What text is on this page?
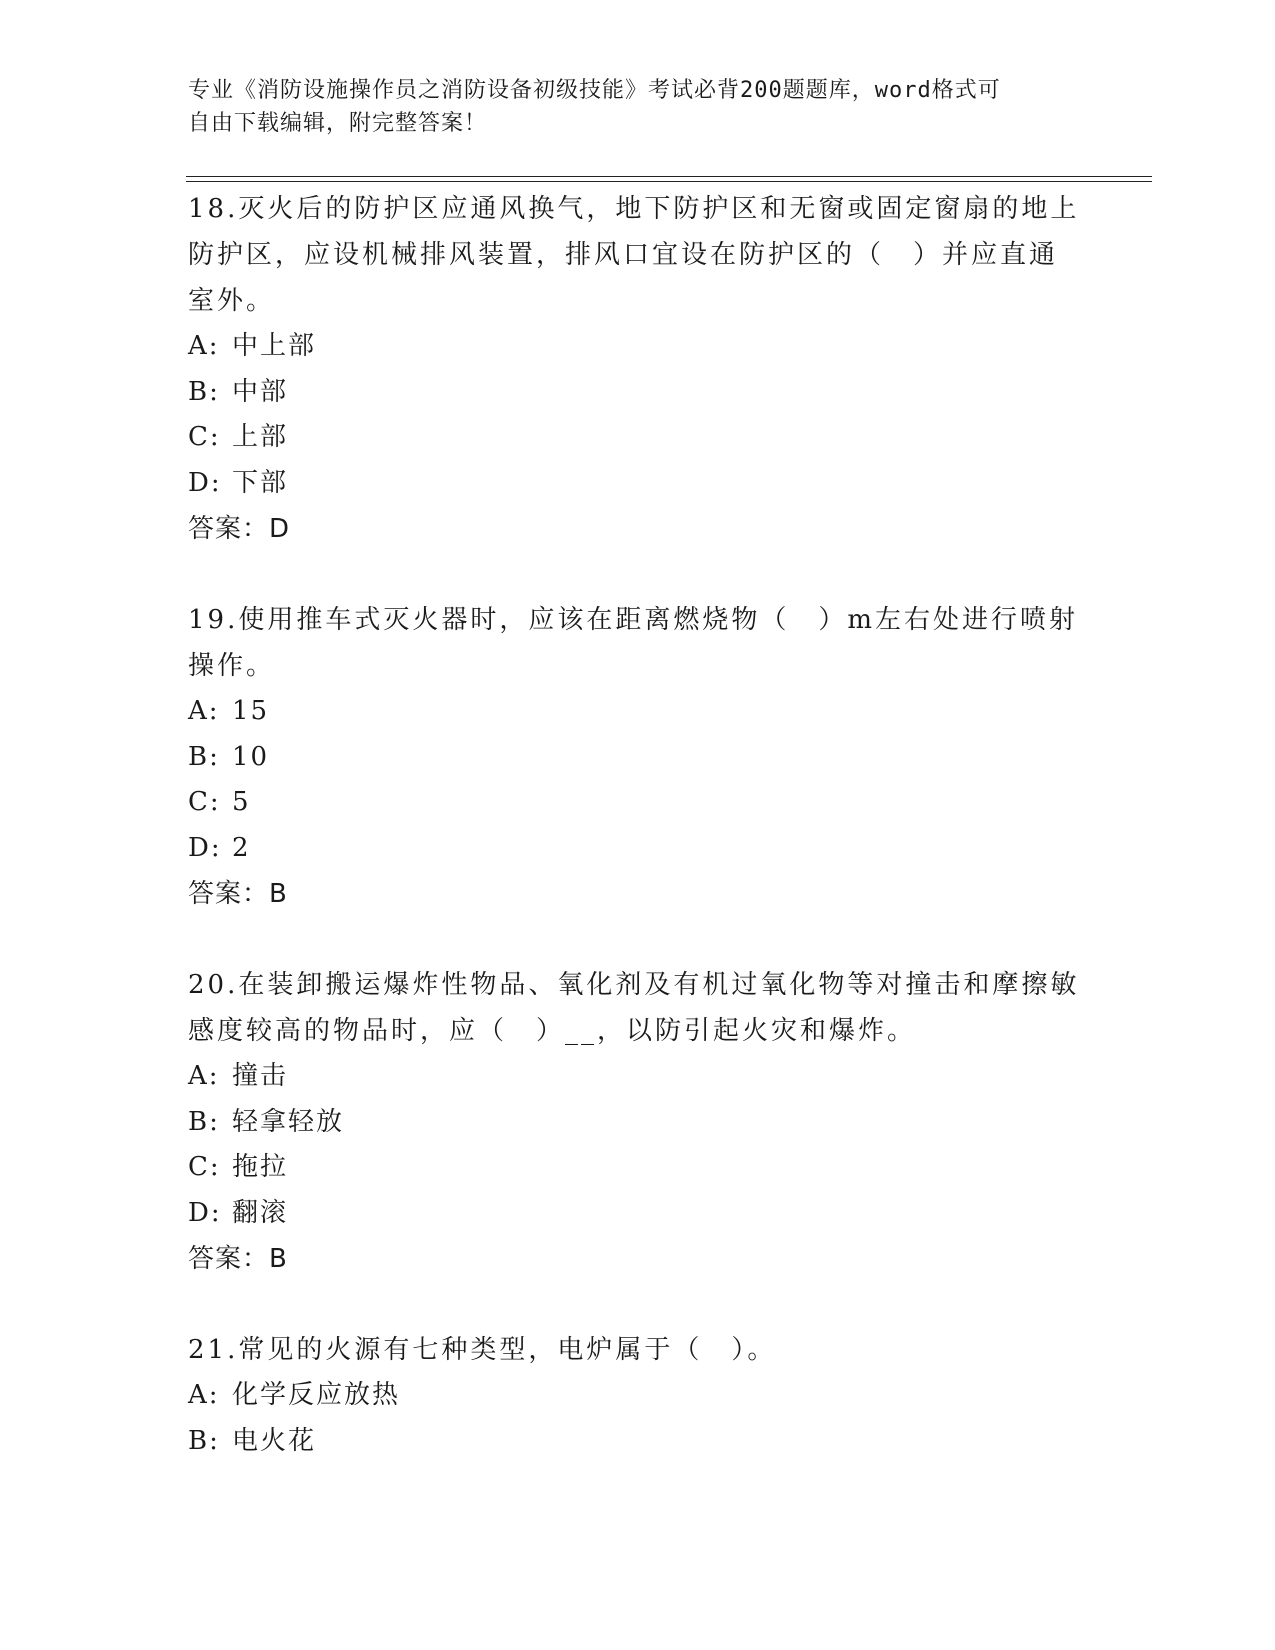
专业《消防设施操作员之消防设备初级技能》考试必背200题题库，word格式可
自由下载编辑，附完整答案！

18.灭火后的防护区应通风换气，地下防护区和无窗或固定窗扇的地上
防护区，应设机械排风装置，排风口宜设在防护区的（　）并应直通
室外。

A: 中上部

B: 中部

C: 上部

D: 下部

答案：D

19.使用推车式灭火器时，应该在距离燃烧物（　）m左右处进行喷射
操作。

A: 15

B: 10

C: 5

D: 2

答案：B

20.在装卸搬运爆炸性物品、氧化剂及有机过氧化物等对撞击和摩擦敏
感度较高的物品时，应（　）__，以防引起火灾和爆炸。

A: 撞击

B: 轻拿轻放

C: 拖拉

D: 翻滚

答案：B

21.常见的火源有七种类型，电炉属于（　）。

A: 化学反应放热

B: 电火花
